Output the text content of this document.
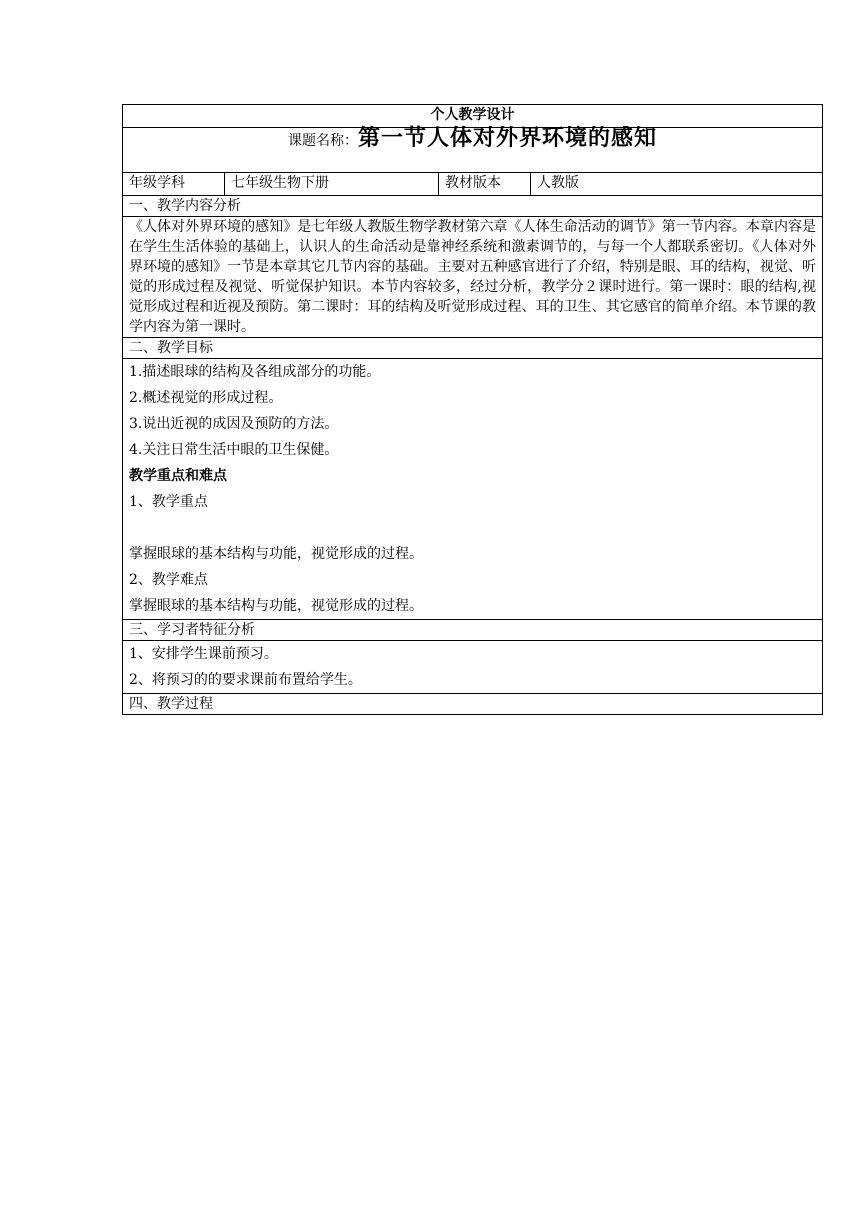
个人教学设计
课题名称：第一节人体对外界环境的感知
年级学科	七年级生物下册	教材版本	人教版
一、教学内容分析

《人体对外界环境的感知》是七年级人教版生物学教材第六章《人体生命活动的调节》第一节内容。本章内容是在学生生活体验的基础上，认识人的生命活动是靠神经系统和激素调节的，与每一个人都联系密切。《人体对外界环境的感知》一节是本章其它几节内容的基础。主要对五种感官进行了介绍，特别是眼、耳的结构，视觉、听觉的形成过程及视觉、听觉保护知识。本节内容较多，经过分析，教学分２课时进行。第一课时：眼的结构,视觉形成过程和近视及预防。第二课时：耳的结构及听觉形成过程、耳的卫生、其它感官的简单介绍。本节课的教学内容为第一课时。

二、教学目标

1.描述眼球的结构及各组成部分的功能。

2.概述视觉的形成过程。

3.说出近视的成因及预防的方法。

4.关注日常生活中眼的卫生保健。

教学重点和难点

1、教学重点

掌握眼球的基本结构与功能，视觉形成的过程。

2、教学难点

掌握眼球的基本结构与功能，视觉形成的过程。

三、学习者特征分析

1、安排学生课前预习。

2、将预习的的要求课前布置给学生。

四、教学过程
